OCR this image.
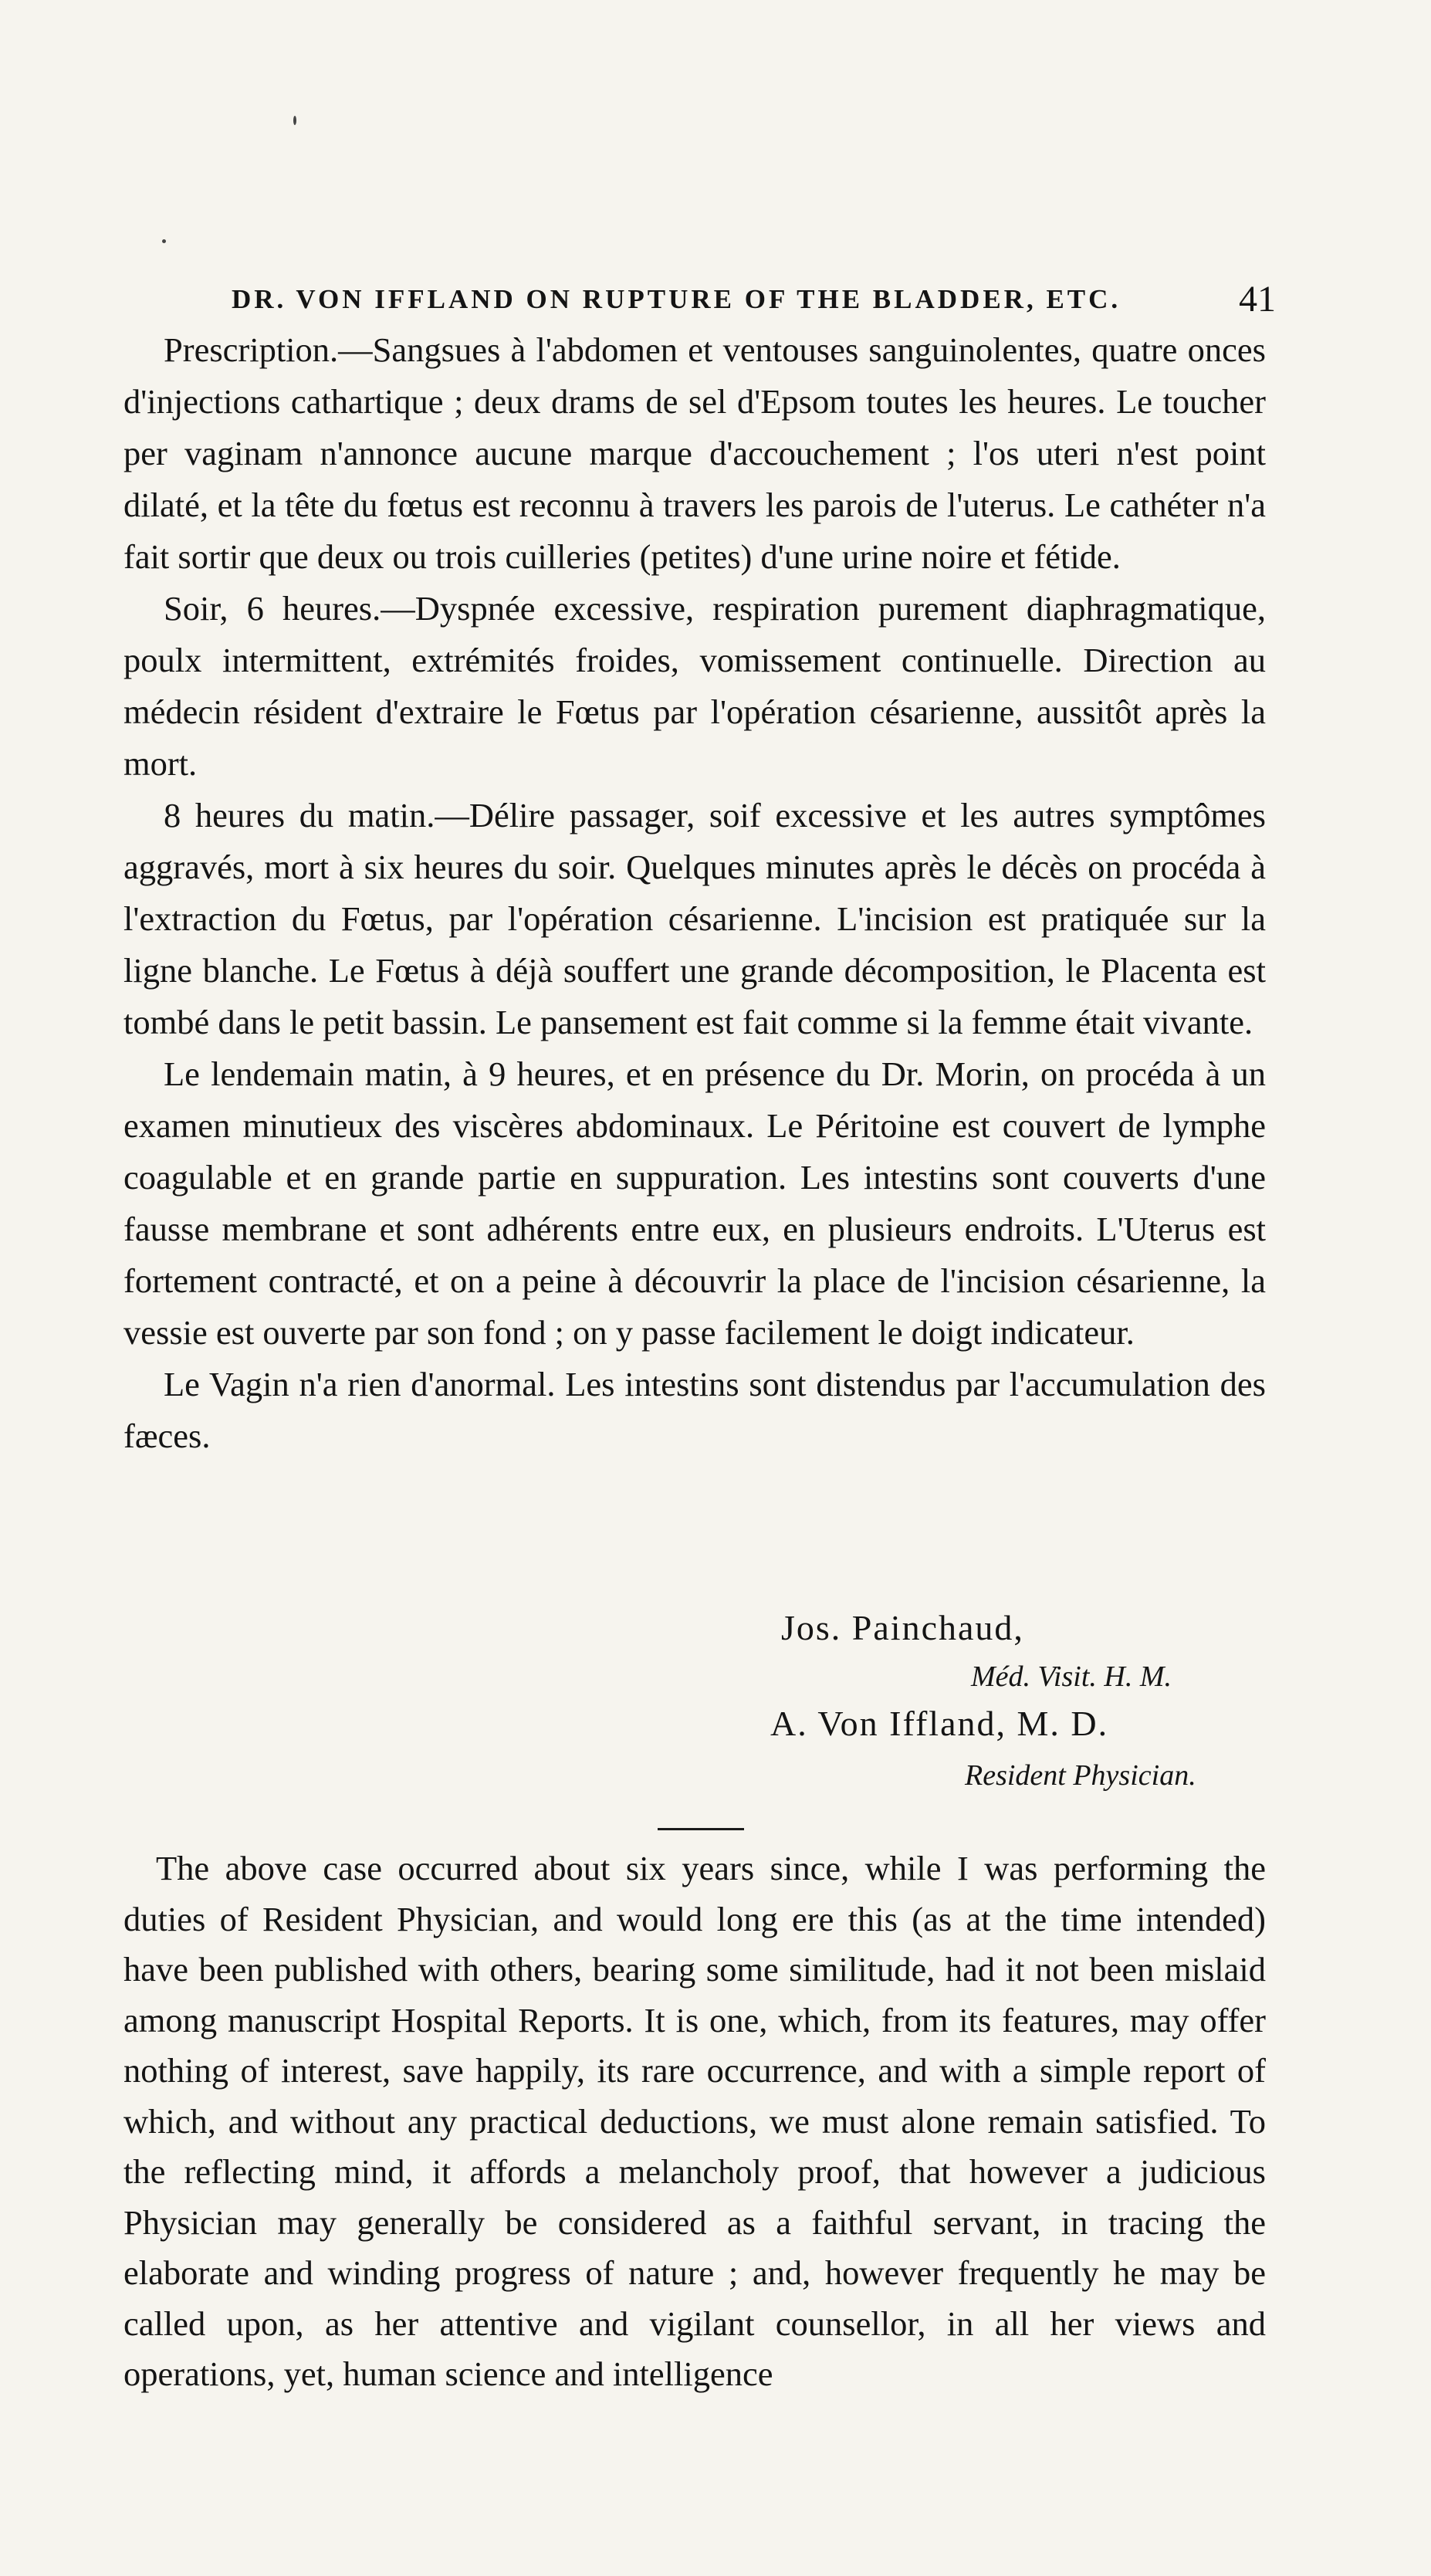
DR. VON IFFLAND ON RUPTURE OF THE BLADDER, ETC.	41

Prescription.—Sangsues à l'abdomen et ventouses sanguinolentes, quatre onces d'injections cathartique ; deux drams de sel d'Epsom toutes les heures. Le toucher per vaginam n'annonce aucune marque d'accouchement ; l'os uteri n'est point dilaté, et la tête du fœtus est reconnu à travers les parois de l'uterus. Le cathéter n'a fait sortir que deux ou trois cuilleries (petites) d'une urine noire et fétide.

Soir, 6 heures.—Dyspnée excessive, respiration purement diaphragmatique, poulx intermittent, extrémités froides, vomissement continuelle. Direction au médecin résident d'extraire le Fœtus par l'opération césarienne, aussitôt après la mort.

8 heures du matin.—Délire passager, soif excessive et les autres symptômes aggravés, mort à six heures du soir. Quelques minutes après le décès on procéda à l'extraction du Fœtus, par l'opération césarienne. L'incision est pratiquée sur la ligne blanche. Le Fœtus à déjà souffert une grande décomposition, le Placenta est tombé dans le petit bassin. Le pansement est fait comme si la femme était vivante.

Le lendemain matin, à 9 heures, et en présence du Dr. Morin, on procéda à un examen minutieux des viscères abdominaux. Le Péritoine est couvert de lymphe coagulable et en grande partie en suppuration. Les intestins sont couverts d'une fausse membrane et sont adhérents entre eux, en plusieurs endroits. L'Uterus est fortement contracté, et on a peine à découvrir la place de l'incision césarienne, la vessie est ouverte par son fond ; on y passe facilement le doigt indicateur.

Le Vagin n'a rien d'anormal. Les intestins sont distendus par l'accumulation des fæces.

Jos. Painchaud,
Méd. Visit. H. M.
A. Von Iffland, M. D.
Resident Physician.

The above case occurred about six years since, while I was performing the duties of Resident Physician, and would long ere this (as at the time intended) have been published with others, bearing some similitude, had it not been mislaid among manuscript Hospital Reports. It is one, which, from its features, may offer nothing of interest, save happily, its rare occurrence, and with a simple report of which, and without any practical deductions, we must alone remain satisfied. To the reflecting mind, it affords a melancholy proof, that however a judicious Physician may generally be considered as a faithful servant, in tracing the elaborate and winding progress of nature ; and, however frequently he may be called upon, as her attentive and vigilant counsellor, in all her views and operations, yet, human science and intelligence
